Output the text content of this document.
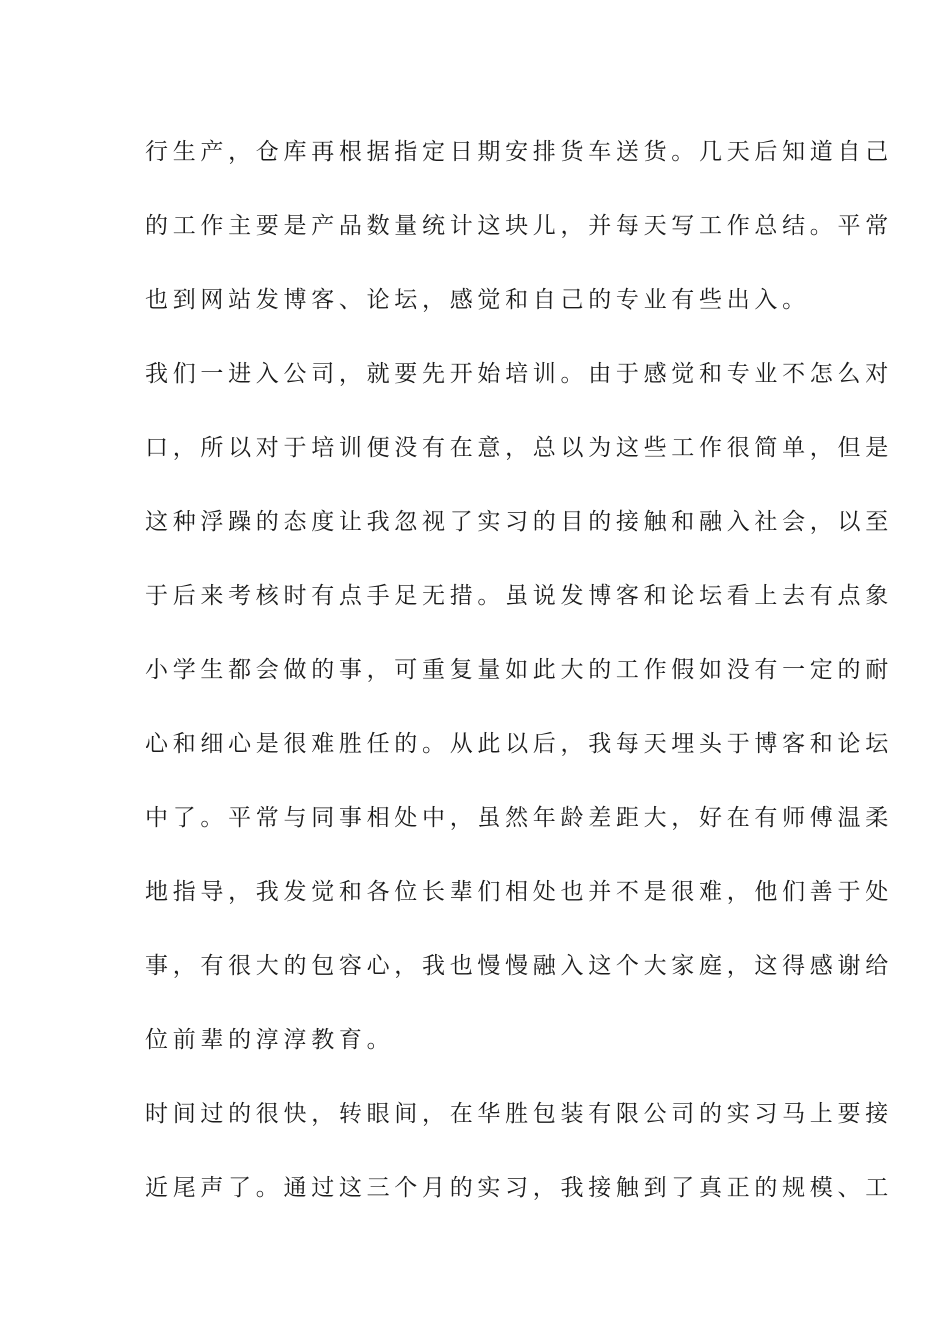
行生产，仓库再根据指定日期安排货车送货。几天后知道自己
的工作主要是产品数量统计这块儿，并每天写工作总结。平常
也到网站发博客、论坛，感觉和自己的专业有些出入。
我们一进入公司，就要先开始培训。由于感觉和专业不怎么对
口，所以对于培训便没有在意，总以为这些工作很简单，但是
这种浮躁的态度让我忽视了实习的目的接触和融入社会，以至
于后来考核时有点手足无措。虽说发博客和论坛看上去有点象
小学生都会做的事，可重复量如此大的工作假如没有一定的耐
心和细心是很难胜任的。从此以后，我每天埋头于博客和论坛
中了。平常与同事相处中，虽然年龄差距大，好在有师傅温柔
地指导，我发觉和各位长辈们相处也并不是很难，他们善于处
事，有很大的包容心，我也慢慢融入这个大家庭，这得感谢给
位前辈的淳淳教育。
时间过的很快，转眼间，在华胜包装有限公司的实习马上要接
近尾声了。通过这三个月的实习，我接触到了真正的规模、工
